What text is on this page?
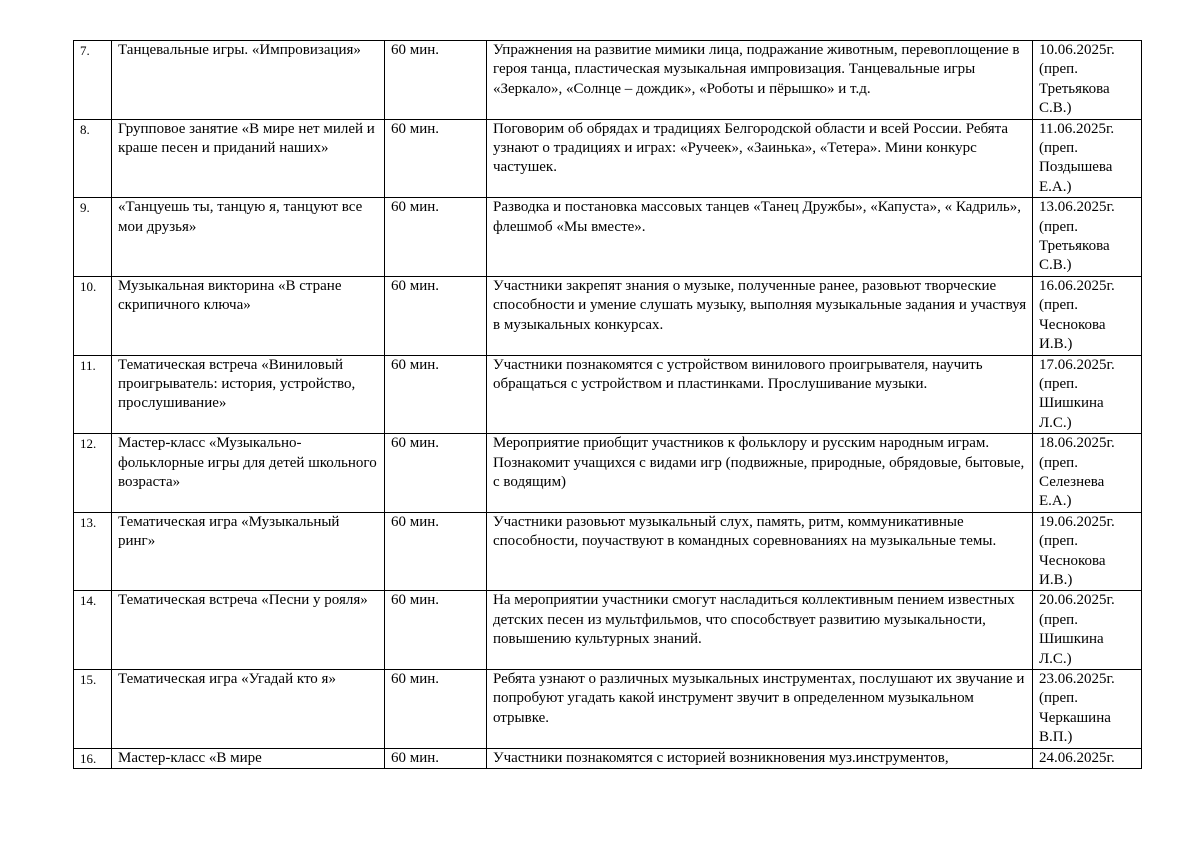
7.	Танцевальные игры. «Импровизация»	60 мин.	Упражнения на развитие мимики лица, подражание животным, перевоплощение в героя танца, пластическая музыкальная импровизация. Танцевальные игры «Зеркало», «Солнце – дождик», «Роботы и пёрышко» и т.д.	10.06.2025г. (преп. Третьякова С.В.)
8.	Групповое занятие «В мире нет милей и краше песен и приданий наших»	60 мин.	Поговорим об обрядах и традициях Белгородской области и всей России. Ребята узнают о традициях и играх: «Ручеек», «Заинька», «Тетера». Мини конкурс частушек.	11.06.2025г. (преп. Поздышева Е.А.)
9.	«Танцуешь ты, танцую я, танцуют все мои друзья»	60 мин.	Разводка и постановка массовых танцев «Танец Дружбы», «Капуста», « Кадриль», флешмоб «Мы вместе».	13.06.2025г. (преп. Третьякова С.В.)
10.	Музыкальная викторина «В стране скрипичного ключа»	60 мин.	Участники закрепят знания о музыке, полученные ранее, разовьют творческие способности и умение слушать музыку, выполняя музыкальные задания и участвуя в музыкальных конкурсах.	16.06.2025г. (преп. Чеснокова И.В.)
11.	Тематическая встреча «Виниловый проигрыватель: история, устройство, прослушивание»	60 мин.	Участники познакомятся с устройством винилового проигрывателя, научить обращаться с устройством и пластинками. Прослушивание музыки.	17.06.2025г. (преп. Шишкина Л.С.)
12.	Мастер-класс «Музыкально-фольклорные игры для детей школьного возраста»	60 мин.	Мероприятие приобщит участников к фольклору и русским народным играм. Познакомит учащихся с видами игр (подвижные, природные, обрядовые, бытовые, с водящим)	18.06.2025г. (преп. Селезнева Е.А.)
13.	Тематическая игра «Музыкальный ринг»	60 мин.	Участники разовьют музыкальный слух, память, ритм, коммуникативные способности, поучаствуют в командных соревнованиях на музыкальные темы.	19.06.2025г. (преп. Чеснокова И.В.)
14.	Тематическая встреча «Песни у рояля»	60 мин.	На мероприятии участники смогут насладиться коллективным пением известных детских песен из мультфильмов, что способствует развитию музыкальности, повышению культурных знаний.	20.06.2025г. (преп. Шишкина Л.С.)
15.	Тематическая игра «Угадай кто я»	60 мин.	Ребята узнают о различных музыкальных инструментах, послушают их звучание и попробуют угадать какой инструмент звучит в определенном музыкальном отрывке.	23.06.2025г. (преп. Черкашина В.П.)
16.	Мастер-класс «В мире	60 мин.	Участники познакомятся с историей возникновения муз.инструментов,	24.06.2025г.
